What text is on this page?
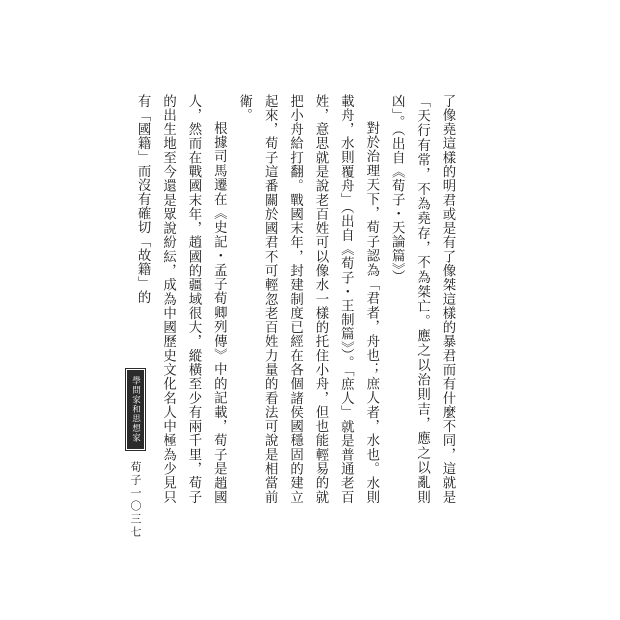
了像堯這樣的明君或是有了像桀這樣的暴君而有什麼不同，這就是「天行有常，不為堯存，不為桀亡。應之以治則吉，應之以亂則凶」。（出自《荀子・天論篇》）

對於治理天下，荀子認為「君者，舟也；庶人者，水也。水則載舟，水則覆舟」（出自《荀子・王制篇》）。「庶人」就是普通老百姓，意思就是說老百姓可以像水一樣的托住小舟，但也能輕易的就把小舟給打翻。戰國末年，封建制度已經在各個諸侯國穩固的建立起來，荀子這番關於國君不可輕忽老百姓力量的看法可說是相當前衛。

根據司馬遷在《史記・孟子荀卿列傳》中的記載，荀子是趙國人，然而在戰國末年，趙國的疆域很大，縱橫至少有兩千里，荀子的出生地至今還是眾說紛紜，成為中國歷史文化名人中極為少見只有「國籍」而沒有確切「故籍」的

學問家和思想家
荀子一〇三七
